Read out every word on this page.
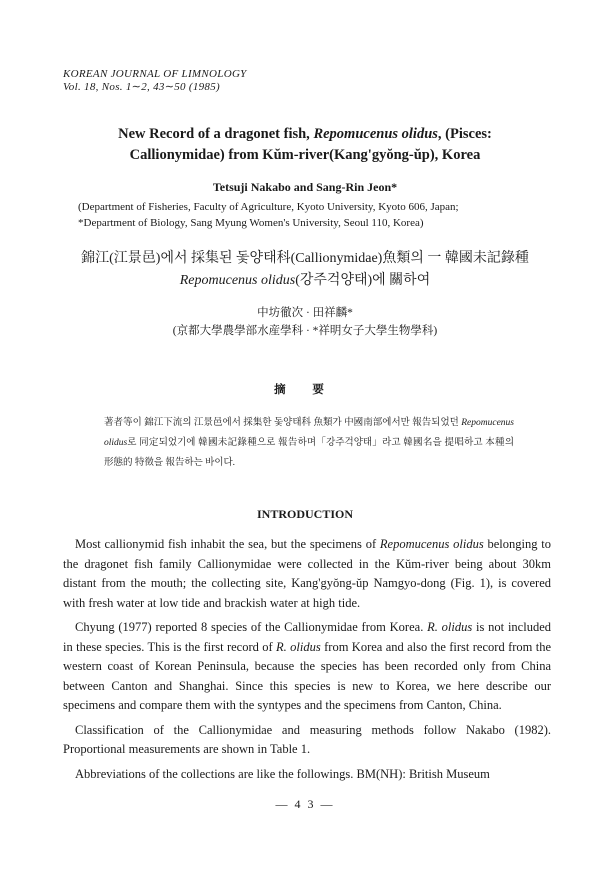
KOREAN JOURNAL OF LIMNOLOGY
Vol. 18, Nos. 1∼2, 43∼50 (1985)
New Record of a dragonet fish, Repomucenus olidus, (Pisces:
Callionymidae) from Kŭm-river(Kang'gyŏng-ŭp), Korea
Tetsuji Nakabo and Sang-Rin Jeon*
(Department of Fisheries, Faculty of Agriculture, Kyoto University, Kyoto 606, Japan;
*Department of Biology, Sang Myung Women's University, Seoul 110, Korea)
錦江(江景邑)에서 採集된 돛양태科(Callionymidae)魚類의 一 韓國未記錄種
Repomucenus olidus(강주걱양태)에 關하여
中坊徹次 · 田祥麟*
(京都大學農學部水産學科 · *祥明女子大學生物學科)
摘 要
著者等이 錦江下流의 江景邑에서 採集한 돛양태科 魚類가 中國南部에서만 報告되었던 Repomucenus olidus로 同定되었기에 韓國未記錄種으로 報告하며「강주걱양태」라고 韓國名을 提唱하고 本種의 形態的 特徵을 報告하는 바이다.
INTRODUCTION

Most callionymid fish inhabit the sea, but the specimens of Repomucenus olidus belonging to the dragonet fish family Callionymidae were collected in the Kŭm-river being about 30km distant from the mouth; the collecting site, Kang'gyŏng-ŭp Namgyo-dong (Fig. 1), is covered with fresh water at low tide and brackish water at high tide.

Chyung (1977) reported 8 species of the Callionymidae from Korea. R. olidus is not included in these species. This is the first record of R. olidus from Korea and also the first record from the western coast of Korean Peninsula, because the species has been recorded only from China between Canton and Shanghai. Since this species is new to Korea, we here describe our specimens and compare them with the syntypes and the specimens from Canton, China.

Classification of the Callionymidae and measuring methods follow Nakabo (1982). Proportional measurements are shown in Table 1.

Abbreviations of the collections are like the followings. BM(NH): British Museum

— 4 3 —
